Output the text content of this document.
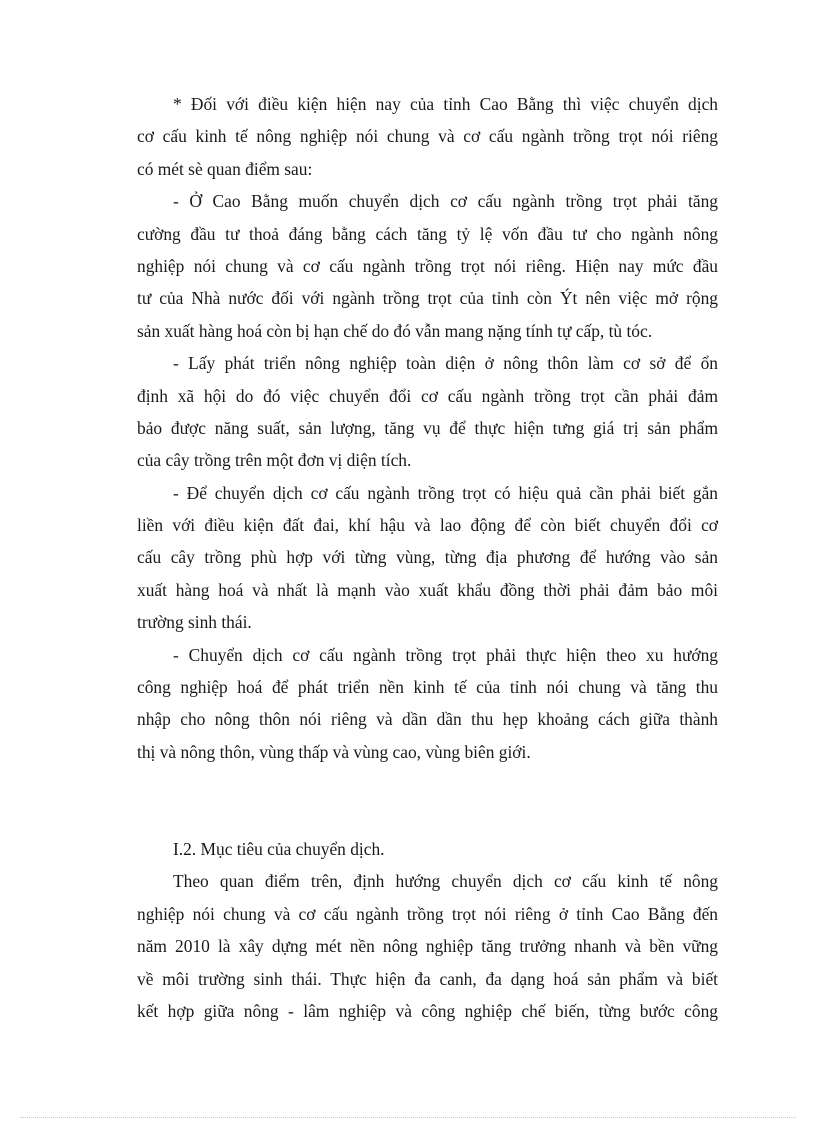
* Đối với điều kiện hiện nay của tỉnh Cao Bằng thì việc chuyển dịch
cơ cấu kinh tế nông nghiệp nói chung và cơ cấu ngành trồng trọt nói riêng
có mét sè quan điểm sau:
- Ở Cao Bằng muốn chuyển dịch cơ cấu ngành trồng trọt phải tăng
cường đầu tư thoả đáng bằng cách tăng tỷ lệ vốn đầu tư cho ngành nông
nghiệp nói chung và cơ cấu ngành trồng trọt nói riêng. Hiện nay mức đầu
tư của Nhà nước đối với ngành trồng trọt của tỉnh còn Ýt nên việc mở rộng
sản xuất hàng hoá còn bị hạn chế do đó vẫn mang nặng tính tự cấp, tù tóc.
- Lấy phát triển nông nghiệp toàn diện ở nông thôn làm cơ sở để ổn
định xã hội do đó việc chuyển đổi cơ cấu ngành trồng trọt cần phải đảm
bảo được năng suất, sản lượng, tăng vụ để thực hiện tưng giá trị sản phẩm
của cây trồng trên một đơn vị diện tích.
- Để chuyển dịch cơ cấu ngành trồng trọt có hiệu quả cần phải biết gắn
liền với điều kiện đất đai, khí hậu và lao động để còn biết chuyển đổi cơ
cấu cây trồng phù hợp với từng vùng, từng địa phương để hướng vào sản
xuất hàng hoá và nhất là mạnh vào xuất khẩu đồng thời phải đảm bảo môi
trường sinh thái.
- Chuyển dịch cơ cấu ngành trồng trọt phải thực hiện theo xu hướng
công nghiệp hoá để phát triển nền kinh tế của tỉnh nói chung và tăng thu
nhập cho nông thôn nói riêng và dần dần thu hẹp khoảng cách giữa thành
thị và nông thôn, vùng thấp và vùng cao, vùng biên giới.
I.2. Mục tiêu của chuyển dịch.
Theo quan điểm trên, định hướng chuyển dịch cơ cấu kinh tế nông
nghiệp nói chung và cơ cấu ngành trồng trọt nói riêng ở tỉnh Cao Bằng đến
năm 2010 là xây dựng mét nền nông nghiệp tăng trưởng nhanh và bền vững
về môi trường sinh thái. Thực hiện đa canh, đa dạng hoá sản phẩm và biết
kết hợp giữa nông - lâm nghiệp và công nghiệp chế biến, từng bước công
